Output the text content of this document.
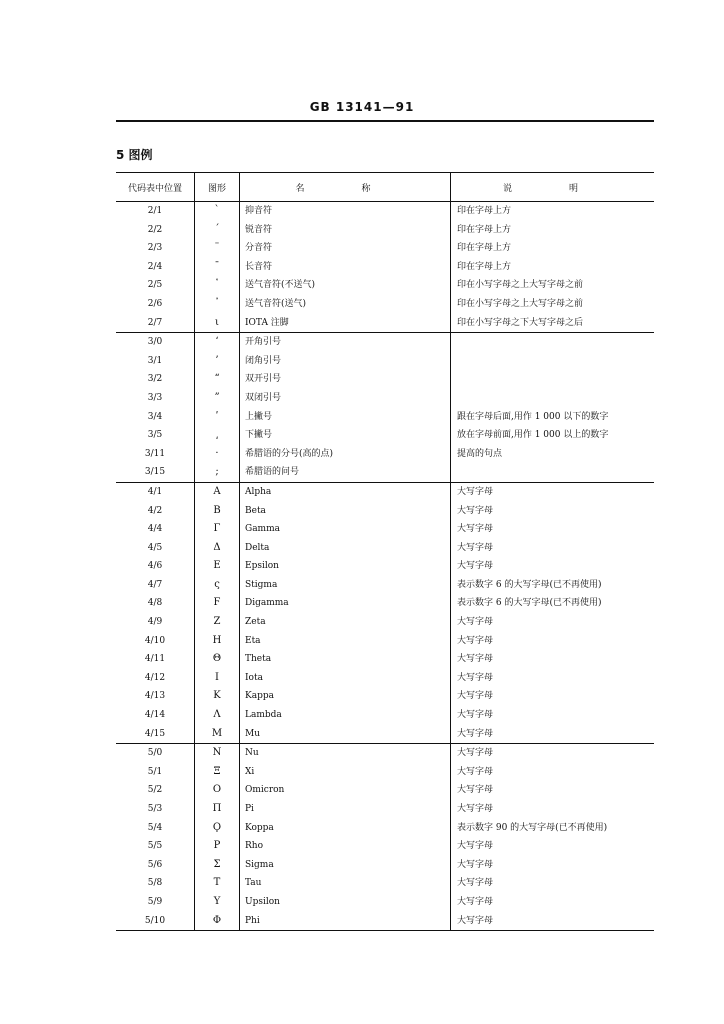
GB 13141—91
5 图例
代码表中位置	图形	名　称	说　明
2/1	`	抑音符	印在字母上方
2/2	´	锐音符	印在字母上方
2/3	¨	分音符	印在字母上方
2/4	¯	长音符	印在字母上方
2/5	῾	送气音符(不送气)	印在小写字母之上大写字母之前
2/6	᾿	送气音符(送气)	印在小写字母之上大写字母之前
2/7	ι	IOTA 注脚	印在小写字母之下大写字母之后
3/0	‘	开角引号	
3/1	’	闭角引号	
3/2	“	双开引号	
3/3	”	双闭引号	
3/4	ʹ	上撇号	跟在字母后面,用作 1 000 以下的数字
3/5	͵	下撇号	放在字母前面,用作 1 000 以上的数字
3/11	·	希腊语的分号(高的点)	提高的句点
3/15	;	希腊语的问号	
4/1	Α	Alpha	大写字母
4/2	Β	Beta	大写字母
4/4	Γ	Gamma	大写字母
4/5	Δ	Delta	大写字母
4/6	Ε	Epsilon	大写字母
4/7	ς	Stigma	表示数字 6 的大写字母(已不再使用)
4/8	Ϝ	Digamma	表示数字 6 的大写字母(已不再使用)
4/9	Ζ	Zeta	大写字母
4/10	Η	Eta	大写字母
4/11	Θ	Theta	大写字母
4/12	Ι	Iota	大写字母
4/13	Κ	Kappa	大写字母
4/14	Λ	Lambda	大写字母
4/15	Μ	Mu	大写字母
5/0	Ν	Nu	大写字母
5/1	Ξ	Xi	大写字母
5/2	Ο	Omicron	大写字母
5/3	Π	Pi	大写字母
5/4	Ϙ	Koppa	表示数字 90 的大写字母(已不再使用)
5/5	Ρ	Rho	大写字母
5/6	Σ	Sigma	大写字母
5/8	Τ	Tau	大写字母
5/9	Υ	Upsilon	大写字母
5/10	Φ	Phi	大写字母
